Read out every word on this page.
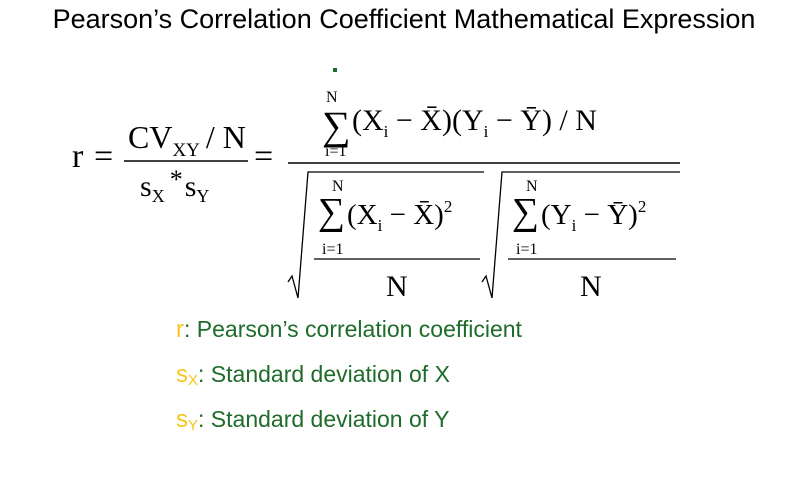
Pearson’s Correlation Coefficient Mathematical Expression
r =
$CV_{XY}$ / N
$s_X*s_Y$
=
N
∑
i=1
($X_i$ − $X̄)(Y_i$ − Ȳ) / N
N
∑
i=1
($X_i$ − X̄)$^2$
N
N
∑
i=1
($Y_i$ − Ȳ)$^2$
N
r : Pearson’s correlation coefficient
$s_X$ : Standard deviation of X
$s_Y$ : Standard deviation of Y
